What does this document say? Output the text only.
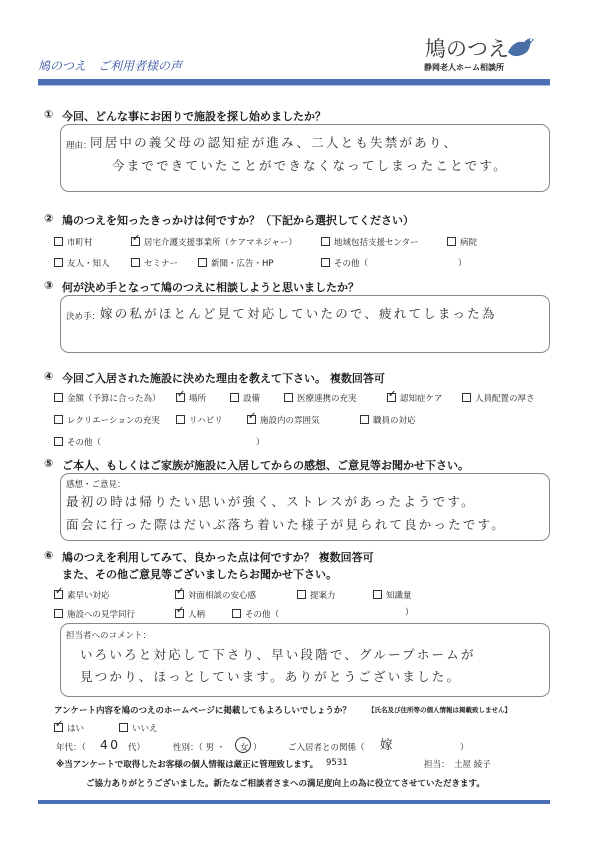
鳩のつえ　ご利用者様の声
鳩のつえ
静岡老人ホーム相談所
① 今回、どんな事にお困りで施設を探し始めましたか？
理由：
同居中の義父母の認知症が進み、二人とも失禁があり、
今までできていたことができなくなってしまったことです。
② 鳩のつえを知ったきっかけは何ですか？（下記から選択してください）
市町村 ✓	居宅介護支援事業所（ケアマネジャー）	地域包括支援センター	病院
友人・知人	セミナー	新聞・広告・HP	その他（	）
③ 何が決め手となって鳩のつえに相談しようと思いましたか？
決め手： 嫁の私がほとんど見て対応していたので、疲れてしまった為
④ 今回ご入居された施設に決めた理由を教えて下さい。 複数回答可
金額（予算に合った為） ✓	場所	設備	医療連携の充実 ✓	認知症ケア	人員配置の厚さ
レクリエーションの充実	リハビリ ✓	施設内の雰囲気	職員の対応
その他（	）
⑤ ご本人、もしくはご家族が施設に入居してからの感想、ご意見等お聞かせ下さい。
感想・ご意見：
最初の時は帰りたい思いが強く、ストレスがあったようです。
面会に行った際はだいぶ落ち着いた様子が見られて良かったです。
⑥ 鳩のつえを利用してみて、良かった点は何ですか？ 複数回答可
また、その他ご意見等ございましたらお聞かせ下さい。
✓素早い対応 ✓	対面相談の安心感	提案力	知識量
施設への見学同行 ✓	人柄	その他（	）
担当者へのコメント：
いろいろと対応して下さり、早い段階で、グループホームが
見つかり、ほっとしています。ありがとうございました。
アンケート内容を鳩のつえのホームページに掲載してもよろしいでしょうか？	【氏名及び住所等の個人情報は掲載致しません】
✓はい	いいえ
年代：（ 40 代）	性別：（ 男 ・ 女 ）	ご入居者との関係（ 嫁	）
※当アンケートで取得したお客様の個人情報は厳正に管理致します。 9531	担当： 土屋 綾子
ご協力ありがとうございました。新たなご相談者さまへの満足度向上の為に役立てさせていただきます。
